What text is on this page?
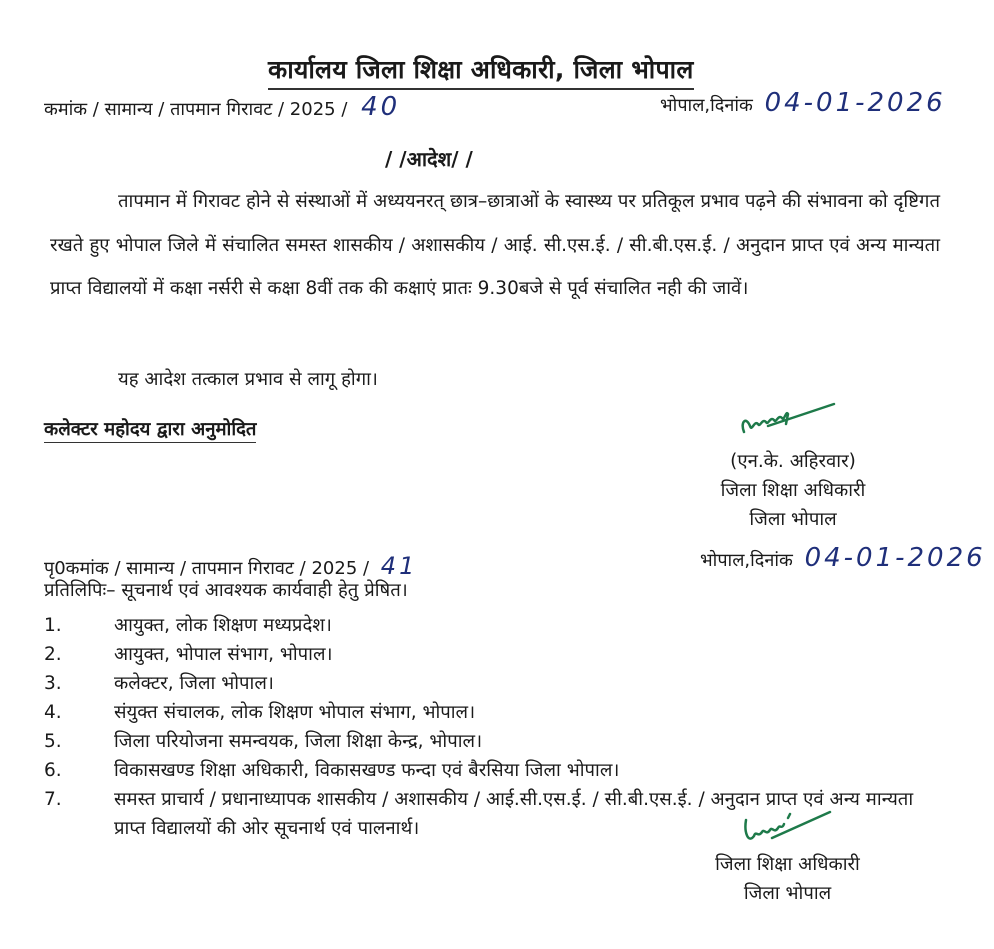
कार्यालय जिला शिक्षा अधिकारी, जिला भोपाल
कमांक / सामान्य / तापमान गिरावट / 2025 / 40	भोपाल,दिनांक 04-01-2026
/ /आदेश/ /
तापमान में गिरावट होने से संस्थाओं में अध्ययनरत् छात्र–छात्राओं के स्वास्थ्य पर प्रतिकूल प्रभाव पढ़ने की संभावना को दृष्टिगत रखते हुए भोपाल जिले में संचालित समस्त शासकीय / अशासकीय / आई. सी.एस.ई. / सी.बी.एस.ई. / अनुदान प्राप्त एवं अन्य मान्यता प्राप्त विद्यालयों में कक्षा नर्सरी से कक्षा 8वीं तक की कक्षाएं प्रातः 9.30बजे से पूर्व संचालित नही की जावें।
यह आदेश तत्काल प्रभाव से लागू होगा।
कलेक्टर महोदय द्वारा अनुमोदित
(एन.के. अहिरवार)
जिला शिक्षा अधिकारी
जिला भोपाल
भोपाल,दिनांक 04-01-2026
पृ0कमांक / सामान्य / तापमान गिरावट / 2025 / 41
प्रतिलिपिः– सूचनार्थ एवं आवश्यक कार्यवाही हेतु प्रेषित।
1.	आयुक्त, लोक शिक्षण मध्यप्रदेश।
2.	आयुक्त, भोपाल संभाग, भोपाल।
3.	कलेक्टर, जिला भोपाल।
4.	संयुक्त संचालक, लोक शिक्षण भोपाल संभाग, भोपाल।
5.	जिला परियोजना समन्वयक, जिला शिक्षा केन्द्र, भोपाल।
6.	विकासखण्ड शिक्षा अधिकारी, विकासखण्ड फन्दा एवं बैरसिया जिला भोपाल।
7.	समस्त प्राचार्य / प्रधानाध्यापक शासकीय / अशासकीय / आई.सी.एस.ई. / सी.बी.एस.ई. / अनुदान प्राप्त एवं अन्य मान्यता प्राप्त विद्यालयों की ओर सूचनार्थ एवं पालनार्थ।
जिला शिक्षा अधिकारी
जिला भोपाल
